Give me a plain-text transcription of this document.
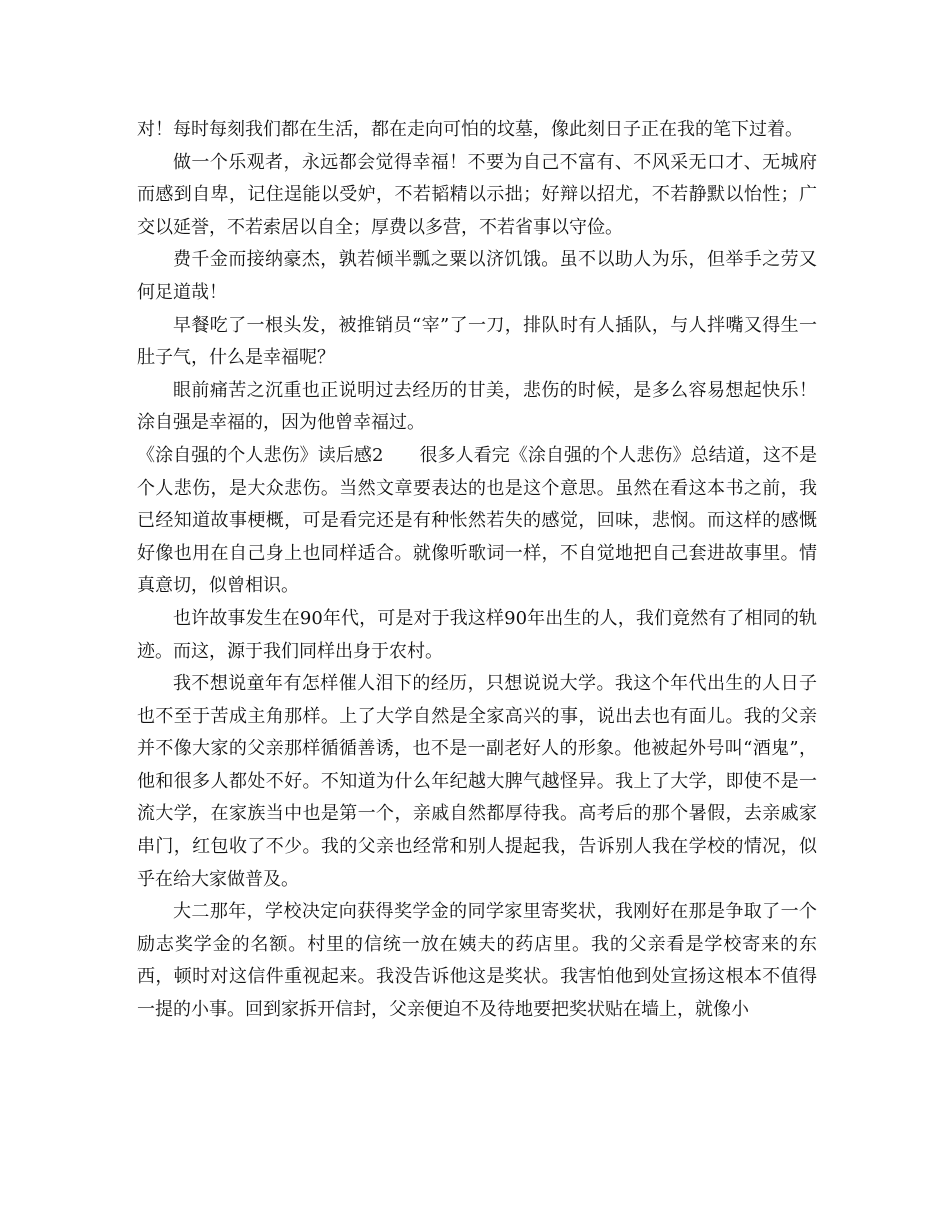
对！每时每刻我们都在生活，都在走向可怕的坟墓，像此刻日子正在我的笔下过着。

做一个乐观者，永远都会觉得幸福！不要为自己不富有、不风采无口才、无城府而感到自卑，记住逞能以受妒，不若韬精以示拙；好辩以招尤，不若静默以怡性；广交以延誉，不若索居以自全；厚费以多营，不若省事以守俭。

费千金而接纳豪杰，孰若倾半瓢之粟以济饥饿。虽不以助人为乐，但举手之劳又何足道哉！

早餐吃了一根头发，被推销员“宰”了一刀，排队时有人插队，与人拌嘴又得生一肚子气，什么是幸福呢？

眼前痛苦之沉重也正说明过去经历的甘美，悲伤的时候，是多么容易想起快乐！涂自强是幸福的，因为他曾幸福过。

《涂自强的个人悲伤》读后感2 很多人看完《涂自强的个人悲伤》总结道，这不是个人悲伤，是大众悲伤。当然文章要表达的也是这个意思。虽然在看这本书之前，我已经知道故事梗概，可是看完还是有种怅然若失的感觉，回味，悲悯。而这样的感慨好像也用在自己身上也同样适合。就像听歌词一样，不自觉地把自己套进故事里。情真意切，似曾相识。

也许故事发生在90年代，可是对于我这样90年出生的人，我们竟然有了相同的轨迹。而这，源于我们同样出身于农村。

我不想说童年有怎样催人泪下的经历，只想说说大学。我这个年代出生的人日子也不至于苦成主角那样。上了大学自然是全家高兴的事，说出去也有面儿。我的父亲并不像大家的父亲那样循循善诱，也不是一副老好人的形象。他被起外号叫“酒鬼”，他和很多人都处不好。不知道为什么年纪越大脾气越怪异。我上了大学，即使不是一流大学，在家族当中也是第一个，亲戚自然都厚待我。高考后的那个暑假，去亲戚家串门，红包收了不少。我的父亲也经常和别人提起我，告诉别人我在学校的情况，似乎在给大家做普及。

大二那年，学校决定向获得奖学金的同学家里寄奖状，我刚好在那是争取了一个励志奖学金的名额。村里的信统一放在姨夫的药店里。我的父亲看是学校寄来的东西，顿时对这信件重视起来。我没告诉他这是奖状。我害怕他到处宣扬这根本不值得一提的小事。回到家拆开信封，父亲便迫不及待地要把奖状贴在墙上，就像小
